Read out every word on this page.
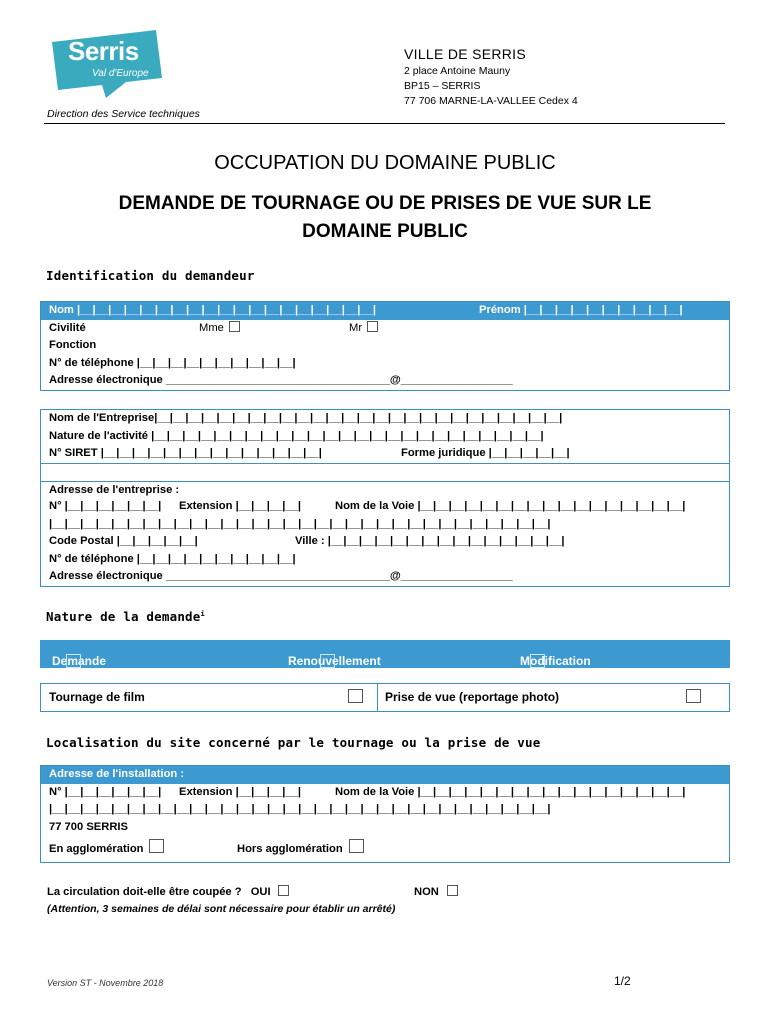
Serris
Val d'Europe
Direction des Service techniques
VILLE DE SERRIS
2 place Antoine Mauny
BP15 – SERRIS
77 706 MARNE-LA-VALLEE Cedex 4
OCCUPATION DU DOMAINE PUBLIC
DEMANDE DE TOURNAGE OU DE PRISES DE VUE SUR LE
DOMAINE PUBLIC
Identification du demandeur
Nom |__|__|__|__|__|__|__|__|__|__|__|__|__|__|__|__|__|__|__|	Prénom |__|__|__|__|__|__|__|__|__|__|
Civilité	Mme	Mr
Fonction
N° de téléphone |__|__|__|__|__|__|__|__|__|__|
Adresse électronique ____________________________________@__________________
Nom de l'Entreprise|__|__|__|__|__|__|__|__|__|__|__|__|__|__|__|__|__|__|__|__|__|__|__|__|__|__|
Nature de l'activité |__|__|__|__|__|__|__|__|__|__|__|__|__|__|__|__|__|__|__|__|__|__|__|__|__|
N° SIRET |__|__|__|__|__|__|__|__|__|__|__|__|__|__|	Forme juridique |__|__|__|__|__|
Adresse de l'entreprise :
N° |__|__|__|__|__|__| Extension |__|__|__|__|	Nom de la Voie |__|__|__|__|__|__|__|__|__|__|__|__|__|__|__|__|__|
|__|__|__|__|__|__|__|__|__|__|__|__|__|__|__|__|__|__|__|__|__|__|__|__|__|__|__|__|__|__|__|__|
Code Postal |__|__|__|__|__|	Ville : |__|__|__|__|__|__|__|__|__|__|__|__|__|__|__|
N° de téléphone |__|__|__|__|__|__|__|__|__|__|
Adresse électronique ____________________________________@__________________
Nature de la demande$^i$
Demande initiale
Renouvellement	Modification
Tournage de film	Prise de vue (reportage photo)
Localisation du site concerné par le tournage ou la prise de vue
Adresse de l'installation :
N° |__|__|__|__|__|__| Extension |__|__|__|__|	Nom de la Voie |__|__|__|__|__|__|__|__|__|__|__|__|__|__|__|__|__|
|__|__|__|__|__|__|__|__|__|__|__|__|__|__|__|__|__|__|__|__|__|__|__|__|__|__|__|__|__|__|__|__|
77 700 SERRIS
En agglomération	Hors agglomération
La circulation doit-elle être coupée ? OUI	NON
(Attention, 3 semaines de délai sont nécessaire pour établir un arrêté)
Version ST - Novembre 2018	1/2
